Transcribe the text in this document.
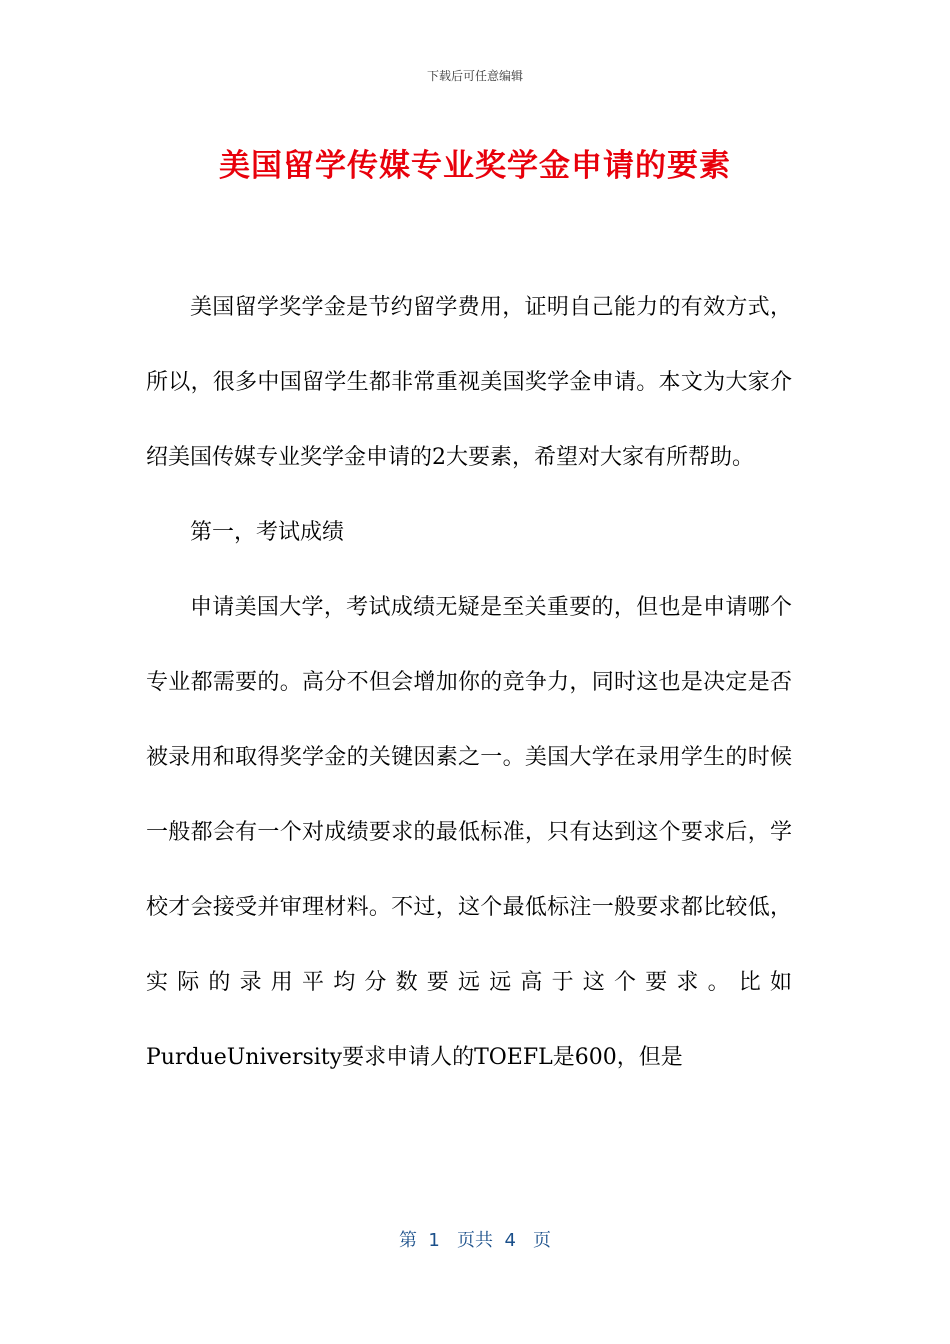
下载后可任意编辑
美国留学传媒专业奖学金申请的要素

美国留学奖学金是节约留学费用，证明自己能力的有效方式，所以，很多中国留学生都非常重视美国奖学金申请。本文为大家介绍美国传媒专业奖学金申请的2大要素，希望对大家有所帮助。

第一，考试成绩

申请美国大学，考试成绩无疑是至关重要的，但也是申请哪个专业都需要的。高分不但会增加你的竞争力，同时这也是决定是否被录用和取得奖学金的关键因素之一。美国大学在录用学生的时候一般都会有一个对成绩要求的最低标准，只有达到这个要求后，学校才会接受并审理材料。不过，这个最低标注一般要求都比较低，实际的录用平均分数要远远高于这个要求。比如PurdueUniversity要求申请人的TOEFL是600，但是

第  1   页共  4   页
